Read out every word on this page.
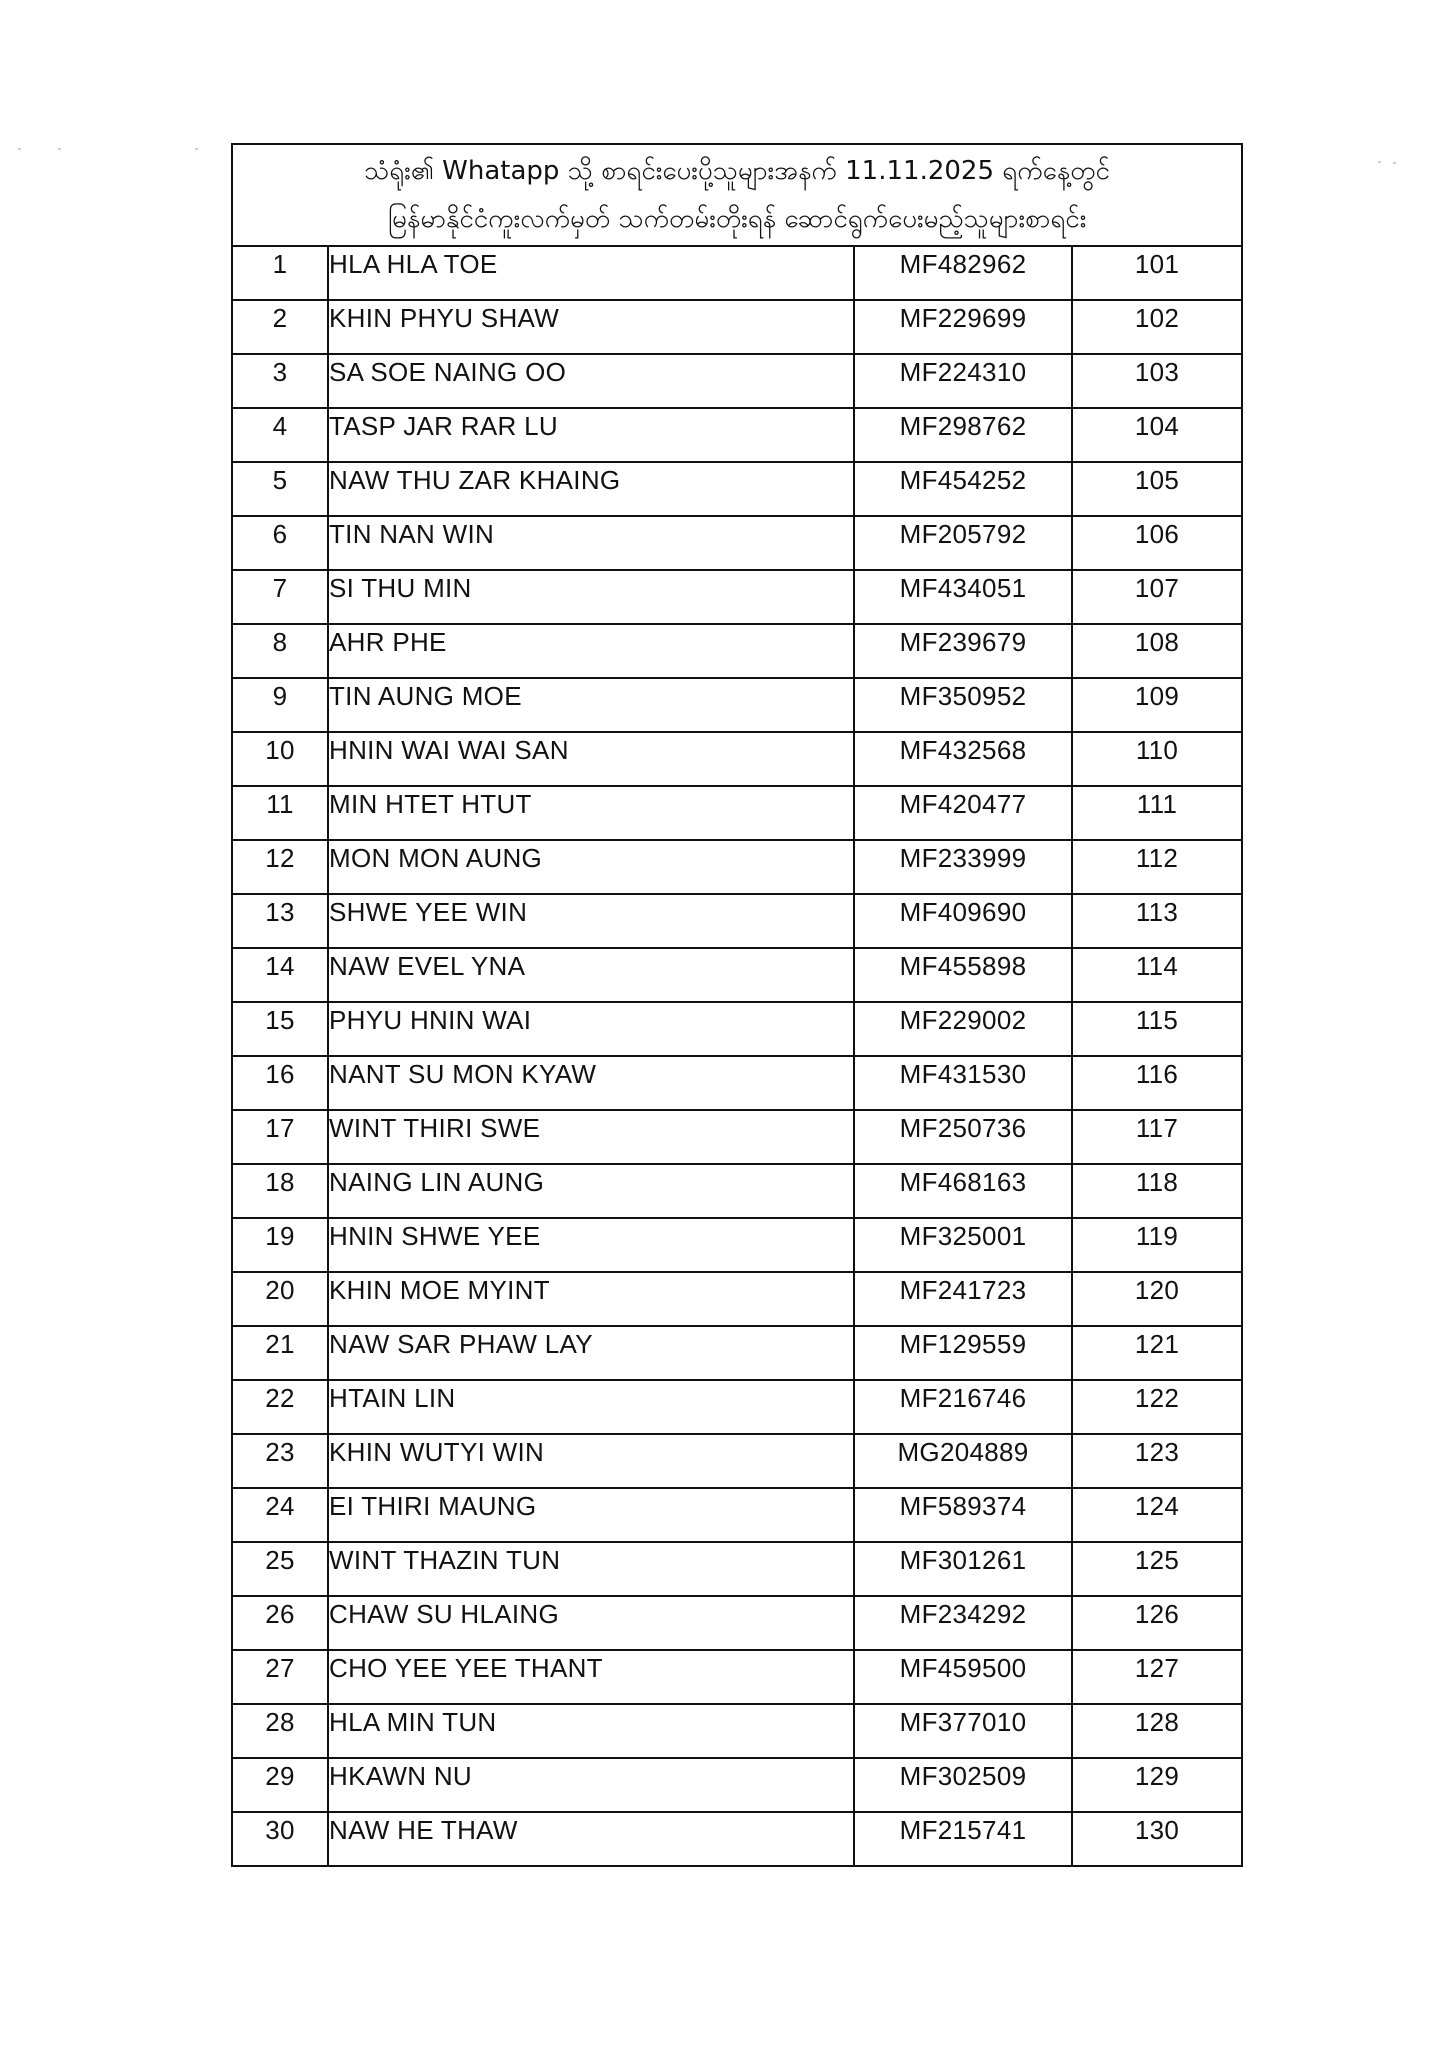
သံရုံး၏ Whatapp သို့ စာရင်းပေးပို့သူများအနက် 11.11.2025 ရက်နေ့တွင်
မြန်မာနိုင်ငံကူးလက်မှတ် သက်တမ်းတိုးရန် ဆောင်ရွက်ပေးမည့်သူများစာရင်း			

1	HLA HLA TOE	MF482962	101
2	KHIN PHYU SHAW	MF229699	102
3	SA SOE NAING OO	MF224310	103
4	TASP JAR RAR LU	MF298762	104
5	NAW THU ZAR KHAING	MF454252	105
6	TIN NAN WIN	MF205792	106
7	SI THU MIN	MF434051	107
8	AHR PHE	MF239679	108
9	TIN AUNG MOE	MF350952	109
10	HNIN WAI WAI SAN	MF432568	110
11	MIN HTET HTUT	MF420477	111
12	MON MON AUNG	MF233999	112
13	SHWE YEE WIN	MF409690	113
14	NAW EVEL YNA	MF455898	114
15	PHYU HNIN WAI	MF229002	115
16	NANT SU MON KYAW	MF431530	116
17	WINT THIRI SWE	MF250736	117
18	NAING LIN AUNG	MF468163	118
19	HNIN SHWE YEE	MF325001	119
20	KHIN MOE MYINT	MF241723	120
21	NAW SAR PHAW LAY	MF129559	121
22	HTAIN LIN	MF216746	122
23	KHIN WUTYI WIN	MG204889	123
24	EI THIRI MAUNG	MF589374	124
25	WINT THAZIN TUN	MF301261	125
26	CHAW SU HLAING	MF234292	126
27	CHO YEE YEE THANT	MF459500	127
28	HLA MIN TUN	MF377010	128
29	HKAWN NU	MF302509	129
30	NAW HE THAW	MF215741	130
